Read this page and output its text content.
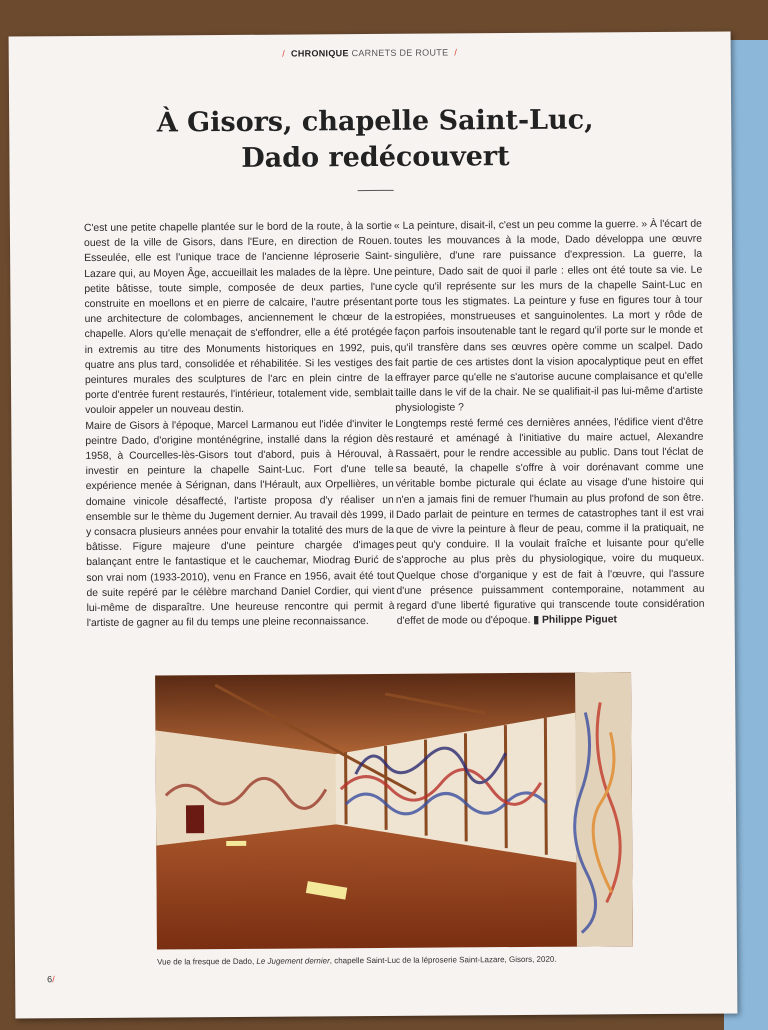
/ CHRONIQUE CARNETS DE ROUTE /
À Gisors, chapelle Saint-Luc,
Dado redécouvert

C'est une petite chapelle plantée sur le bord de la route, à la sortie ouest de la ville de Gisors, dans l'Eure, en direction de Rouen. Esseulée, elle est l'unique trace de l'ancienne léproserie Saint-Lazare qui, au Moyen Âge, accueillait les malades de la lèpre. Une petite bâtisse, toute simple, composée de deux parties, l'une construite en moellons et en pierre de calcaire, l'autre présentant une architecture de colombages, anciennement le chœur de la chapelle. Alors qu'elle menaçait de s'effondrer, elle a été protégée in extremis au titre des Monuments historiques en 1992, puis, quatre ans plus tard, consolidée et réhabilitée. Si les vestiges des peintures murales des sculptures de l'arc en plein cintre de la porte d'entrée furent restaurés, l'intérieur, totalement vide, semblait vouloir appeler un nouveau destin.

Maire de Gisors à l'époque, Marcel Larmanou eut l'idée d'inviter le peintre Dado, d'origine monténégrine, installé dans la région dès 1958, à Courcelles-lès-Gisors tout d'abord, puis à Hérouval, à investir en peinture la chapelle Saint-Luc. Fort d'une telle expérience menée à Sérignan, dans l'Hérault, aux Orpellières, un domaine vinicole désaffecté, l'artiste proposa d'y réaliser un ensemble sur le thème du Jugement dernier. Au travail dès 1999, il y consacra plusieurs années pour envahir la totalité des murs de la bâtisse. Figure majeure d'une peinture chargée d'images balançant entre le fantastique et le cauchemar, Miodrag Đurić de son vrai nom (1933-2010), venu en France en 1956, avait été tout de suite repéré par le célèbre marchand Daniel Cordier, qui vient lui-même de disparaître. Une heureuse rencontre qui permit à l'artiste de gagner au fil du temps une pleine reconnaissance.

« La peinture, disait-il, c'est un peu comme la guerre. » À l'écart de toutes les mouvances à la mode, Dado développa une œuvre singulière, d'une rare puissance d'expression. La guerre, la peinture, Dado sait de quoi il parle : elles ont été toute sa vie. Le cycle qu'il représente sur les murs de la chapelle Saint-Luc en porte tous les stigmates. La peinture y fuse en figures tour à tour estropiées, monstrueuses et sanguinolentes. La mort y rôde de façon parfois insoutenable tant le regard qu'il porte sur le monde et qu'il transfère dans ses œuvres opère comme un scalpel. Dado fait partie de ces artistes dont la vision apocalyptique peut en effet effrayer parce qu'elle ne s'autorise aucune complaisance et qu'elle taille dans le vif de la chair. Ne se qualifiait-il pas lui-même d'artiste physiologiste ?

Longtemps resté fermé ces dernières années, l'édifice vient d'être restauré et aménagé à l'initiative du maire actuel, Alexandre Rassaërt, pour le rendre accessible au public. Dans tout l'éclat de sa beauté, la chapelle s'offre à voir dorénavant comme une véritable bombe picturale qui éclate au visage d'une histoire qui n'en a jamais fini de remuer l'humain au plus profond de son être. Dado parlait de peinture en termes de catastrophes tant il est vrai que de vivre la peinture à fleur de peau, comme il la pratiquait, ne peut qu'y conduire. Il la voulait fraîche et luisante pour qu'elle s'approche au plus près du physiologique, voire du muqueux. Quelque chose d'organique y est de fait à l'œuvre, qui l'assure d'une présence puissamment contemporaine, notamment au regard d'une liberté figurative qui transcende toute considération d'effet de mode ou d'époque. ▮ Philippe Piguet

Vue de la fresque de Dado, Le Jugement dernier, chapelle Saint-Luc de la léproserie Saint-Lazare, Gisors, 2020.
6/
